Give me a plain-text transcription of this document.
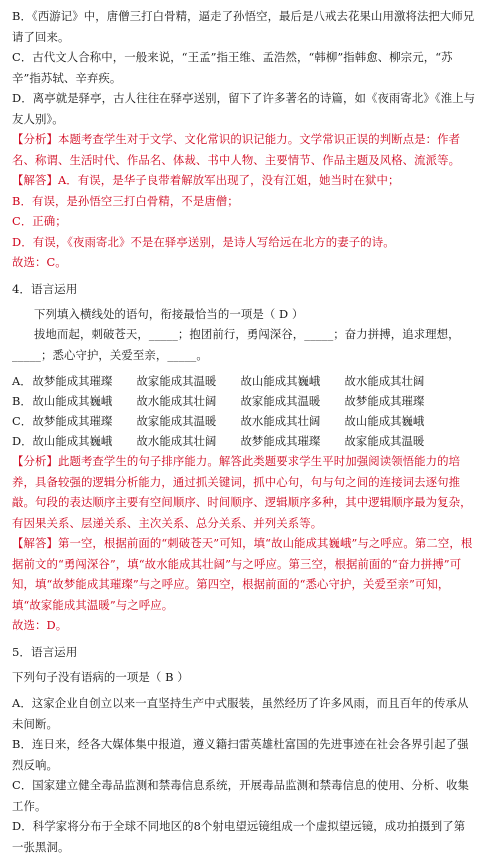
B．《西游记》中，唐僧三打白骨精，逼走了孙悟空，最后是八戒去花果山用激将法把大师兄请了回来。

C．古代文人合称中，一般来说，“王孟”指王维、孟浩然，“韩柳”指韩愈、柳宗元，“苏辛”指苏轼、辛弃疾。

D．离亭就是驿亭，古人往往在驿亭送别，留下了许多著名的诗篇，如《夜雨寄北》《淮上与友人别》。

【分析】本题考查学生对于文学、文化常识的识记能力。文学常识正误的判断点是：作者名、称谓、生活时代、作品名、体裁、书中人物、主要情节、作品主题及风格、流派等。

【解答】A．有误，是华子良带着解放军出现了，没有江姐，她当时在狱中；

B．有误，是孙悟空三打白骨精，不是唐僧；

C．正确；

D．有误，《夜雨寄北》不是在驿亭送别，是诗人写给远在北方的妻子的诗。

故选：C。

4．语言运用

下列填入横线处的语句，衔接最恰当的一项是（ D ）

拔地而起，刺破苍天，_____；抱团前行，勇闯深谷，_____；奋力拼搏，追求理想，_____；悉心守护，关爱至亲，_____。

A．	故梦能成其璀璨	故家能成其温暖	故山能成其巍峨	故水能成其壮阔
B．	故山能成其巍峨	故水能成其壮阔	故家能成其温暖	故梦能成其璀璨
C．	故梦能成其璀璨	故家能成其温暖	故水能成其壮阔	故山能成其巍峨
D．	故山能成其巍峨	故水能成其壮阔	故梦能成其璀璨	故家能成其温暖

【分析】此题考查学生的句子排序能力。解答此类题要求学生平时加强阅读领悟能力的培养，具备较强的逻辑分析能力，通过抓关键词，抓中心句，句与句之间的连接词去逐句推敲。句段的表达顺序主要有空间顺序、时间顺序、逻辑顺序多种，其中逻辑顺序最为复杂，有因果关系、层递关系、主次关系、总分关系、并列关系等。

【解答】第一空，根据前面的“刺破苍天”可知，填“故山能成其巍峨”与之呼应。第二空，根据前文的“勇闯深谷”，填“故水能成其壮阔”与之呼应。第三空，根据前面的“奋力拼搏”可知，填“故梦能成其璀璨”与之呼应。第四空，根据前面的“悉心守护，关爱至亲”可知，填“故家能成其温暖”与之呼应。

故选：D。

5．语言运用

下列句子没有语病的一项是（ B ）

A．这家企业自创立以来一直坚持生产中式服装，虽然经历了许多风雨，而且百年的传承从未间断。

B．连日来，经各大媒体集中报道，遵义籍扫雷英雄杜富国的先进事迹在社会各界引起了强烈反响。

C．国家建立健全毒品监测和禁毒信息系统，开展毒品监测和禁毒信息的使用、分析、收集工作。

D．科学家将分布于全球不同地区的8个射电望远镜组成一个虚拟望远镜，成功拍摄到了第一张黑洞。
